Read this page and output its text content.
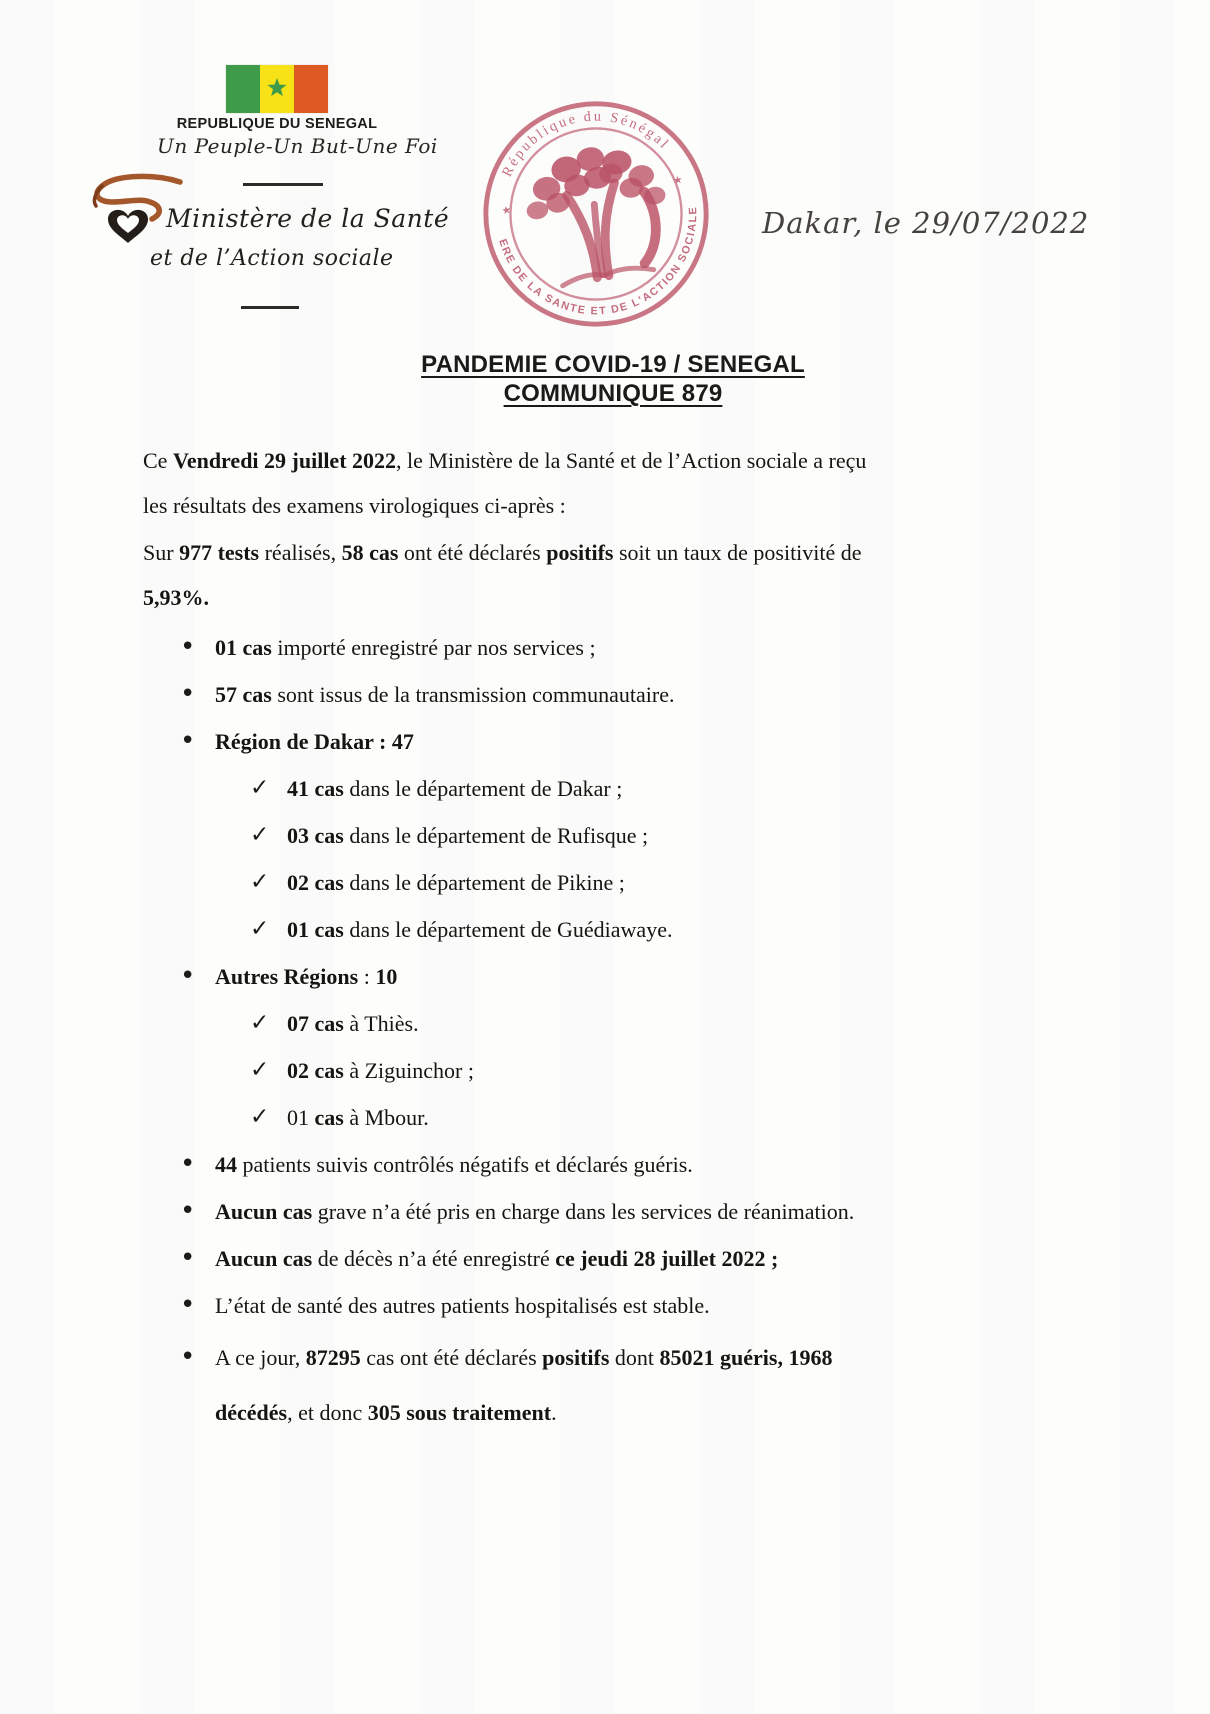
REPUBLIQUE DU SENEGAL
Un Peuple-Un But-Une Foi
Ministère de la Santé
et de l’Action sociale
République du Sénégal
ERE DE LA SANTE ET DE L'ACTION SOCIALE
★
★
Dakar, le 29/07/2022
PANDEMIE COVID-19 / SENEGAL
COMMUNIQUE 879
Ce Vendredi 29 juillet 2022, le Ministère de la Santé et de l’Action sociale a reçu
les résultats des examens virologiques ci-après :
Sur 977 tests réalisés, 58 cas ont été déclarés positifs soit un taux de positivité de
5,93%.
• 01 cas importé enregistré par nos services ;
• 57 cas sont issus de la transmission communautaire.
• Région de Dakar : 47
✓ 41 cas dans le département de Dakar ;
✓ 03 cas dans le département de Rufisque ;
✓ 02 cas dans le département de Pikine ;
✓ 01 cas dans le département de Guédiawaye.
• Autres Régions : 10
✓ 07 cas à Thiès.
✓ 02 cas à Ziguinchor ;
✓ 01 cas à Mbour.
• 44 patients suivis contrôlés négatifs et déclarés guéris.
• Aucun cas grave n’a été pris en charge dans les services de réanimation.
• Aucun cas de décès n’a été enregistré ce jeudi 28 juillet 2022 ;
• L’état de santé des autres patients hospitalisés est stable.
• A ce jour, 87295 cas ont été déclarés positifs dont 85021 guéris, 1968
décédés, et donc 305 sous traitement.
